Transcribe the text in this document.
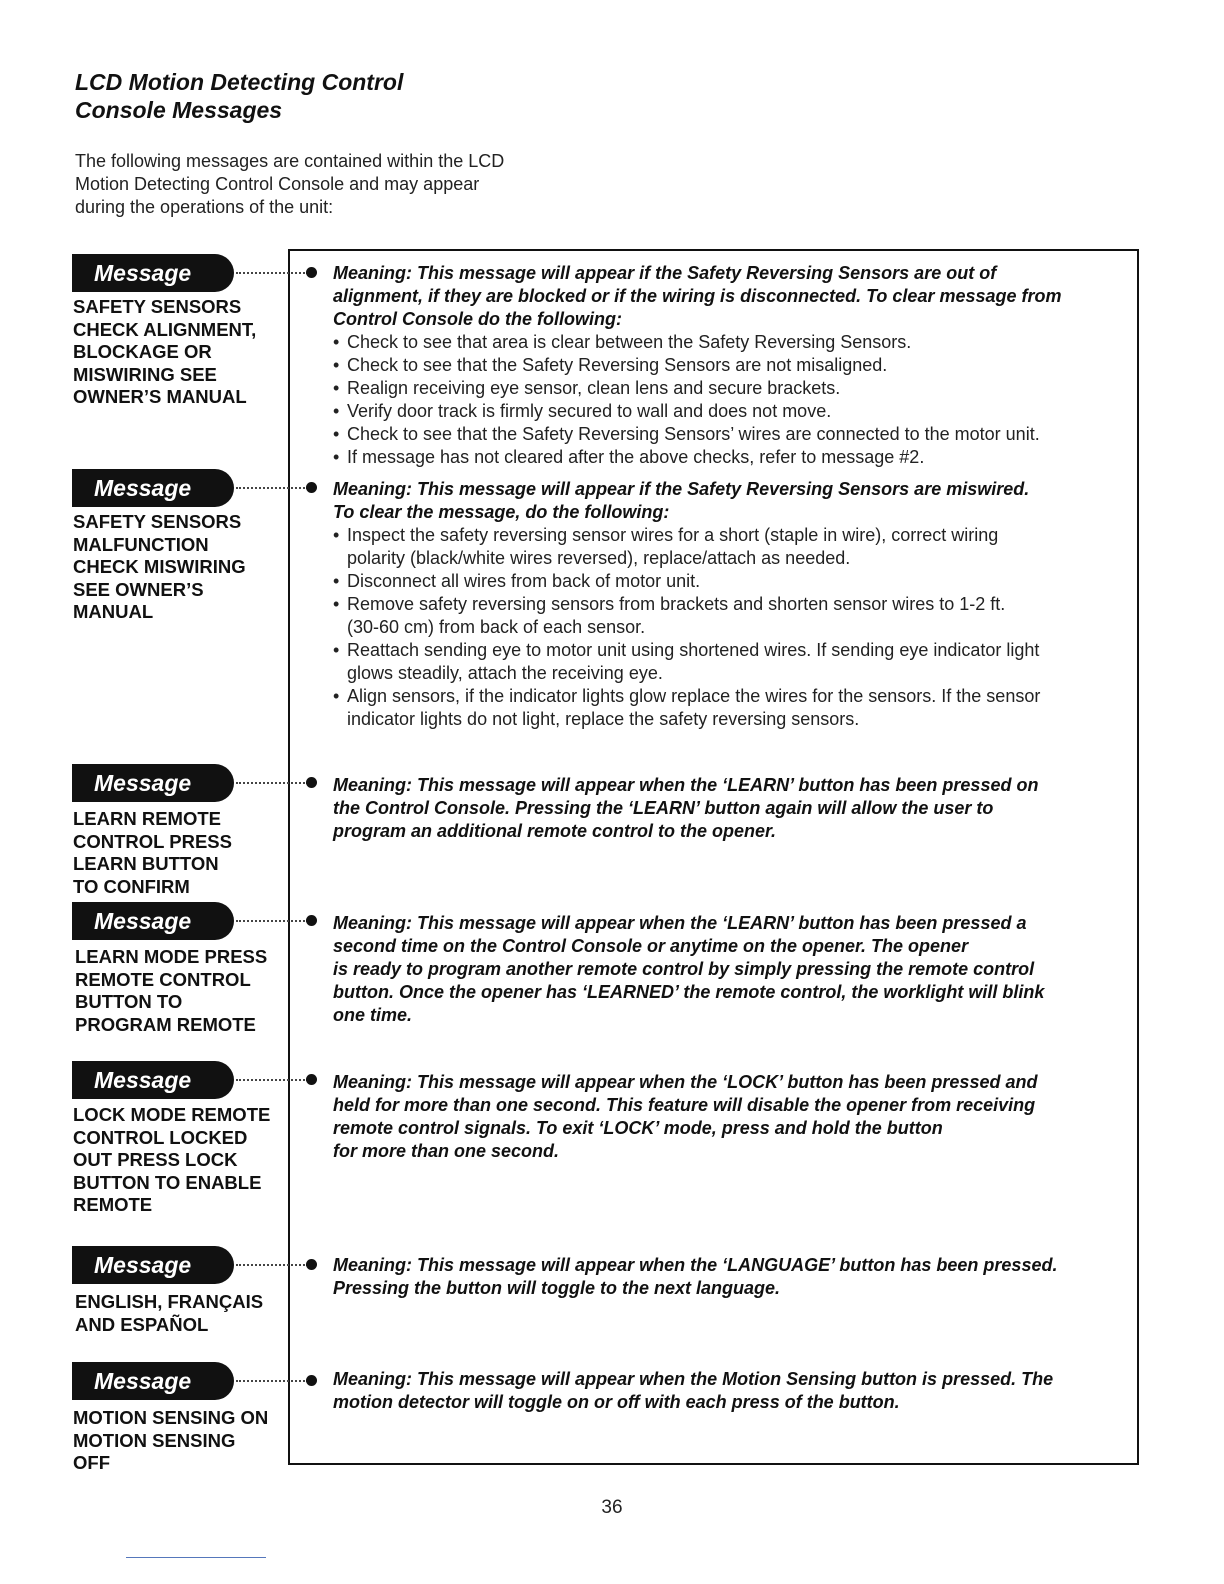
LCD Motion Detecting Control
Console Messages
The following messages are contained within the LCD
Motion Detecting Control Console and may appear
during the operations of the unit:
Message
SAFETY SENSORS
CHECK ALIGNMENT,
BLOCKAGE OR
MISWIRING SEE
OWNER’S MANUAL
Meaning: This message will appear if the Safety Reversing Sensors are out of
alignment, if they are blocked or if the wiring is disconnected. To clear message from
Control Console do the following:
• Check to see that area is clear between the Safety Reversing Sensors.
• Check to see that the Safety Reversing Sensors are not misaligned.
• Realign receiving eye sensor, clean lens and secure brackets.
• Verify door track is firmly secured to wall and does not move.
• Check to see that the Safety Reversing Sensors’ wires are connected to the motor unit.
• If message has not cleared after the above checks, refer to message #2.
Message
SAFETY SENSORS
MALFUNCTION
CHECK MISWIRING
SEE OWNER’S
MANUAL
Meaning: This message will appear if the Safety Reversing Sensors are miswired.
To clear the message, do the following:
• Inspect the safety reversing sensor wires for a short (staple in wire), correct wiring
polarity (black/white wires reversed), replace/attach as needed.
• Disconnect all wires from back of motor unit.
• Remove safety reversing sensors from brackets and shorten sensor wires to 1-2 ft.
(30-60 cm) from back of each sensor.
• Reattach sending eye to motor unit using shortened wires. If sending eye indicator light
glows steadily, attach the receiving eye.
• Align sensors, if the indicator lights glow replace the wires for the sensors. If the sensor
indicator lights do not light, replace the safety reversing sensors.
Message
LEARN REMOTE
CONTROL PRESS
LEARN BUTTON
TO CONFIRM
Meaning: This message will appear when the ‘LEARN’ button has been pressed on
the Control Console. Pressing the ‘LEARN’ button again will allow the user to
program an additional remote control to the opener.
Message
LEARN MODE PRESS
REMOTE CONTROL
BUTTON TO
PROGRAM REMOTE
Meaning: This message will appear when the ‘LEARN’ button has been pressed a
second time on the Control Console or anytime on the opener. The opener
is ready to program another remote control by simply pressing the remote control
button. Once the opener has ‘LEARNED’ the remote control, the worklight will blink
one time.
Message
LOCK MODE REMOTE
CONTROL LOCKED
OUT PRESS LOCK
BUTTON TO ENABLE
REMOTE
Meaning: This message will appear when the ‘LOCK’ button has been pressed and
held for more than one second. This feature will disable the opener from receiving
remote control signals. To exit ‘LOCK’ mode, press and hold the button
for more than one second.
Message
ENGLISH, FRANÇAIS
AND ESPAÑOL
Meaning: This message will appear when the ‘LANGUAGE’ button has been pressed.
Pressing the button will toggle to the next language.
Message
MOTION SENSING ON
MOTION SENSING
OFF
Meaning: This message will appear when the Motion Sensing button is pressed. The
motion detector will toggle on or off with each press of the button.
36
